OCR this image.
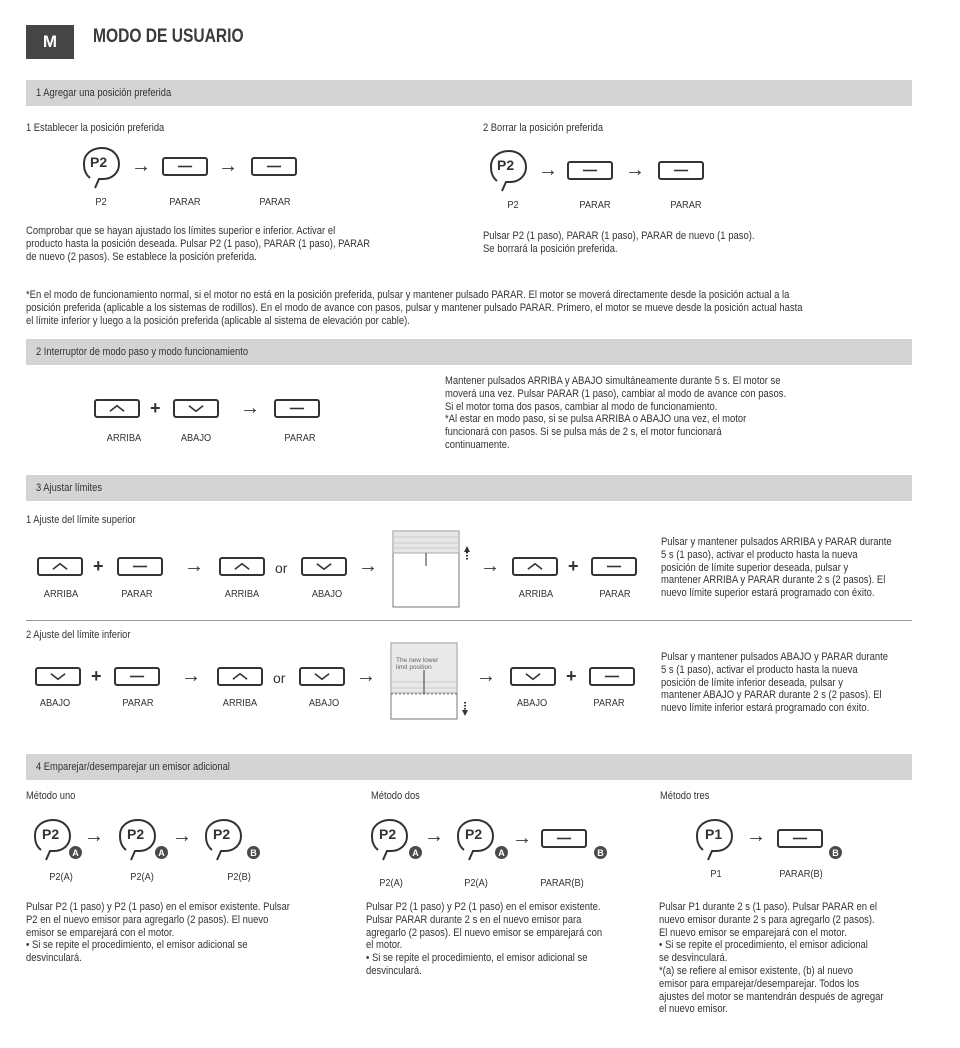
M MODO DE USUARIO
1 Agregar una posición preferida
1 Establecer la posición preferida
P2 →	→
P2	PARAR	PARAR
Comprobar que se hayan ajustado los límites superior e inferior. Activar el
producto hasta la posición deseada. Pulsar P2 (1 paso), PARAR (1 paso), PARAR
de nuevo (2 pasos). Se establece la posición preferida.
2 Borrar la posición preferida
P2 →	→
P2	PARAR	PARAR
Pulsar P2 (1 paso), PARAR (1 paso), PARAR de nuevo (1 paso).
Se borrará la posición preferida.
*En el modo de funcionamiento normal, si el motor no está en la posición preferida, pulsar y mantener pulsado PARAR. El motor se moverá directamente desde la posición actual a la
posición preferida (aplicable a los sistemas de rodillos). En el modo de avance con pasos, pulsar y mantener pulsado PARAR. Primero, el motor se mueve desde la posición actual hasta
el límite inferior y luego a la posición preferida (aplicable al sistema de elevación por cable).
2 Interruptor de modo paso y modo funcionamiento
+	→
ARRIBA	ABAJO	PARAR
Mantener pulsados ARRIBA y ABAJO simultáneamente durante 5 s. El motor se
moverá una vez. Pulsar PARAR (1 paso), cambiar al modo de avance con pasos.
Si el motor toma dos pasos, cambiar al modo de funcionamiento.
*Al estar en modo paso, si se pulsa ARRIBA o ABAJO una vez, el motor
funcionará con pasos. Si se pulsa más de 2 s, el motor funcionará
continuamente.
3 Ajustar límites
1 Ajuste del límite superior
+	→	or	→	→	+
ARRIBA	PARAR	ARRIBA	ABAJO	ARRIBA	PARAR
Pulsar y mantener pulsados ARRIBA y PARAR durante
5 s (1 paso), activar el producto hasta la nueva
posición de límite superior deseada, pulsar y
mantener ARRIBA y PARAR durante 2 s (2 pasos). El
nuevo límite superior estará programado con éxito.
2 Ajuste del límite inferior
+	→	or	→
The new lower
limit position	→	+
ABAJO	PARAR	ARRIBA	ABAJO	ABAJO	PARAR
Pulsar y mantener pulsados ABAJO y PARAR durante
5 s (1 paso), activar el producto hasta la nueva
posición de límite inferior deseada, pulsar y
mantener ABAJO y PARAR durante 2 s (2 pasos). El
nuevo límite inferior estará programado con éxito.
4 Emparejar/desemparejar un emisor adicional
Método uno
P2
A
→ P2
A
→ P2
B
P2(A)	P2(A)	P2(B)
Pulsar P2 (1 paso) y P2 (1 paso) en el emisor existente. Pulsar
P2 en el nuevo emisor para agregarlo (2 pasos). El nuevo
emisor se emparejará con el motor.
• Si se repite el procedimiento, el emisor adicional se
desvinculará.
Método dos
P2
A
→ P2
A
→
B
P2(A)	P2(A)	PARAR(B)
Pulsar P2 (1 paso) y P2 (1 paso) en el emisor existente.
Pulsar PARAR durante 2 s en el nuevo emisor para
agregarlo (2 pasos). El nuevo emisor se emparejará con
el motor.
• Si se repite el procedimiento, el emisor adicional se
desvinculará.
Método tres
P1 →
B
P1	PARAR(B)
Pulsar P1 durante 2 s (1 paso). Pulsar PARAR en el
nuevo emisor durante 2 s para agregarlo (2 pasos).
El nuevo emisor se emparejará con el motor.
• Si se repite el procedimiento, el emisor adicional
se desvinculará.
*(a) se refiere al emisor existente, (b) al nuevo
emisor para emparejar/desemparejar. Todos los
ajustes del motor se mantendrán después de agregar
el nuevo emisor.
